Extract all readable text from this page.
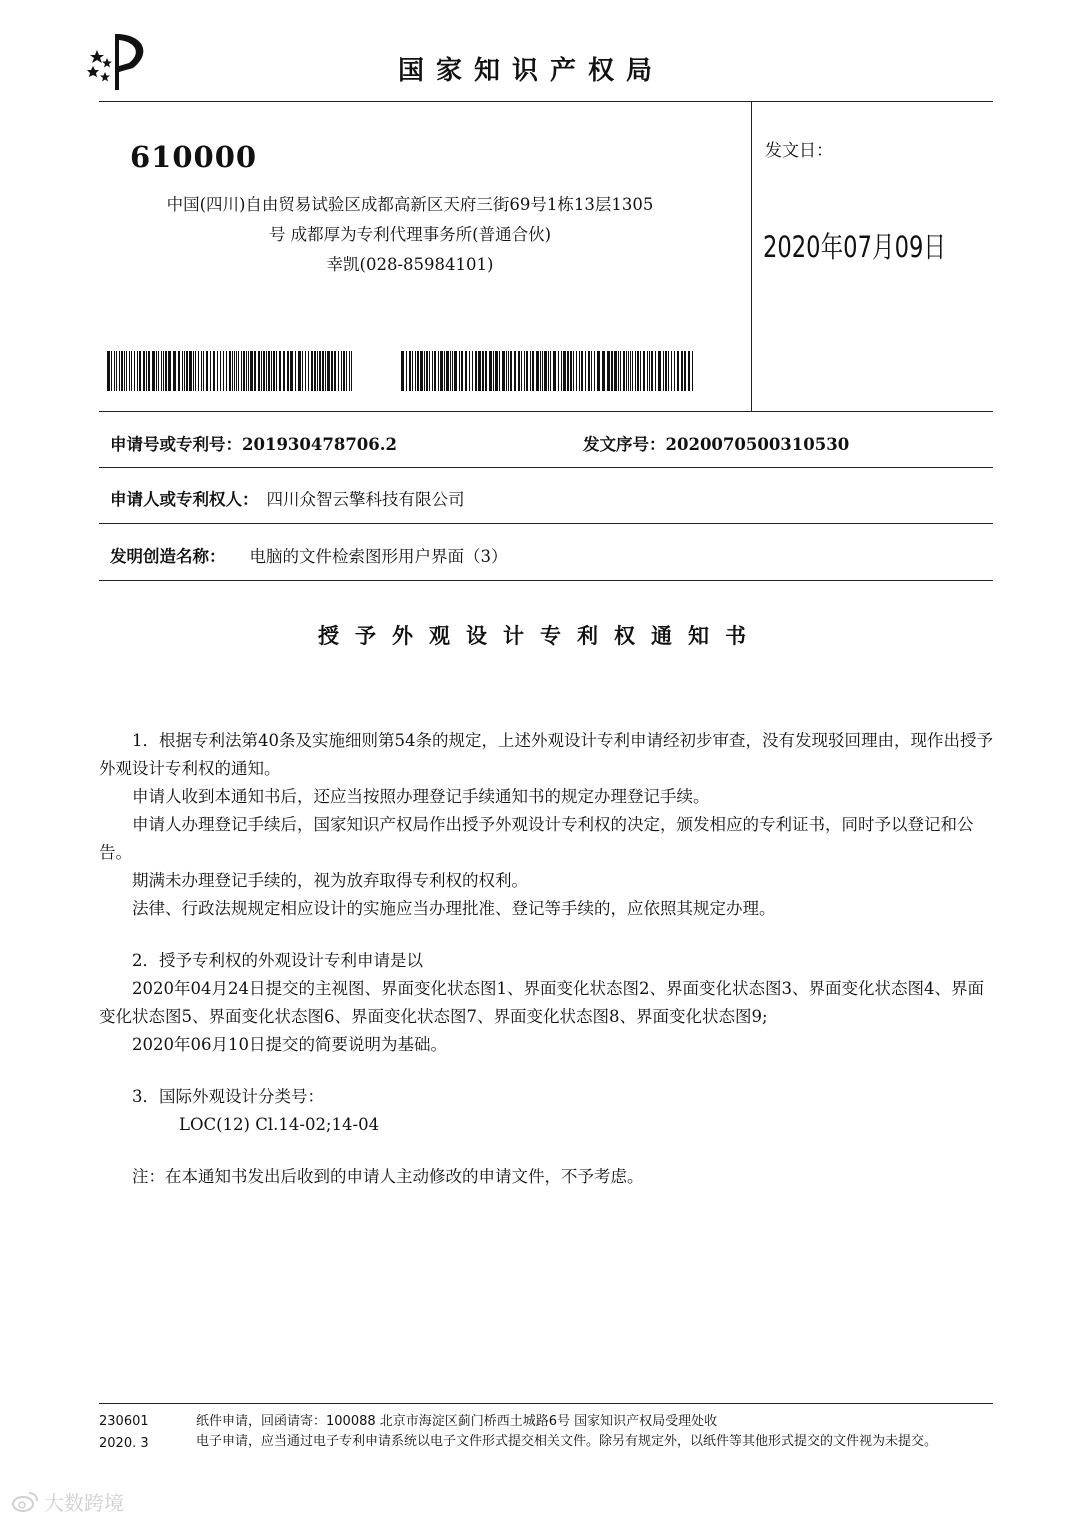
国家知识产权局
610000
中国(四川)自由贸易试验区成都高新区天府三街69号1栋13层1305
号 成都厚为专利代理事务所(普通合伙)
幸凯(028-85984101)
发文日：
2020年07月09日
申请号或专利号：201930478706.2	发文序号：2020070500310530
申请人或专利权人： 四川众智云擎科技有限公司
发明创造名称： 电脑的文件检索图形用户界面（3）
授予外观设计专利权通知书

1．根据专利法第40条及实施细则第54条的规定，上述外观设计专利申请经初步审查，没有发现驳回理由，现作出授予外观设计专利权的通知。

申请人收到本通知书后，还应当按照办理登记手续通知书的规定办理登记手续。

申请人办理登记手续后，国家知识产权局作出授予外观设计专利权的决定，颁发相应的专利证书，同时予以登记和公告。

期满未办理登记手续的，视为放弃取得专利权的权利。

法律、行政法规规定相应设计的实施应当办理批准、登记等手续的，应依照其规定办理。

2．授予专利权的外观设计专利申请是以

2020年04月24日提交的主视图、界面变化状态图1、界面变化状态图2、界面变化状态图3、界面变化状态图4、界面变化状态图5、界面变化状态图6、界面变化状态图7、界面变化状态图8、界面变化状态图9;

2020年06月10日提交的简要说明为基础。

3．国际外观设计分类号：

LOC(12) Cl.14-02;14-04

注：在本通知书发出后收到的申请人主动修改的申请文件，不予考虑。

230601
2020. 3
纸件申请，回函请寄：100088 北京市海淀区蓟门桥西土城路6号 国家知识产权局受理处收
电子申请，应当通过电子专利申请系统以电子文件形式提交相关文件。除另有规定外，以纸件等其他形式提交的文件视为未提交。
大数跨境
